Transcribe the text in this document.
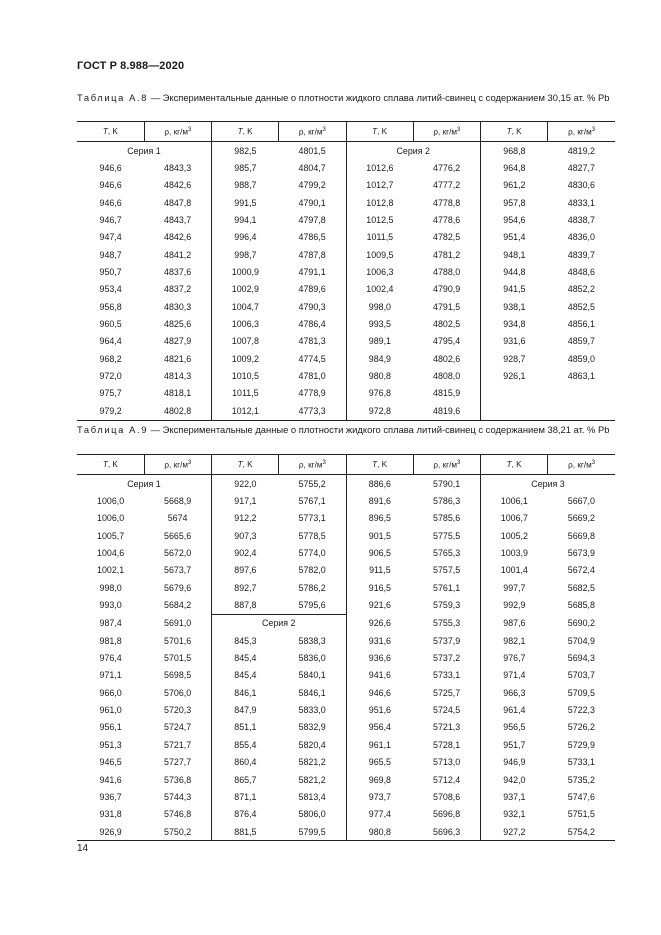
ГОСТ Р 8.988—2020
Таблица А.8 — Экспериментальные данные о плотности жидкого сплава литий-свинец с содержанием 30,15 ат. % Pb
T, K	ρ, $кг/м^3$	T, K	ρ, $кг/м^3$	T, K	ρ, $кг/м^3$	T, K	ρ, $кг/м^3$
Серия 1		982,5	4801,5	Серия 2		968,8	4819,2
946,6	4843,3	985,7	4804,7	1012,6	4776,2	964,8	4827,7
946,6	4842,6	988,7	4799,2	1012,7	4777,2	961,2	4830,6
946,6	4847,8	991,5	4790,1	1012,8	4778,8	957,8	4833,1
946,7	4843,7	994,1	4797,8	1012,5	4778,6	954,6	4838,7
947,4	4842,6	996,4	4786,5	1011,5	4782,5	951,4	4836,0
948,7	4841,2	998,7	4787,8	1009,5	4781,2	948,1	4839,7
950,7	4837,6	1000,9	4791,1	1006,3	4788,0	944,8	4848,6
953,4	4837,2	1002,9	4789,6	1002,4	4790,9	941,5	4852,2
956,8	4830,3	1004,7	4790,3	998,0	4791,5	938,1	4852,5
960,5	4825,6	1006,3	4786,4	993,5	4802,5	934,8	4856,1
964,4	4827,9	1007,8	4781,3	989,1	4795,4	931,6	4859,7
968,2	4821,6	1009,2	4774,5	984,9	4802,6	928,7	4859,0
972,0	4814,3	1010,5	4781,0	980,8	4808,0	926,1	4863,1
975,7	4818,1	1011,5	4778,9	976,8	4815,9		
979,2	4802,8	1012,1	4773,3	972,8	4819,6		
Таблица А.9 — Экспериментальные данные о плотности жидкого сплава литий-свинец с содержанием 38,21 ат. % Pb
T, K	ρ, $кг/м^3$	T, K	ρ, $кг/м^3$	T, K	ρ, $кг/м^3$	T, K	ρ, $кг/м^3$
Серия 1		922,0	5755,2	886,6	5790,1	Серия 3	
1006,0	5668,9	917,1	5767,1	891,6	5786,3	1006,1	5667,0
1006,0	5674	912,2	5773,1	896,5	5785,6	1006,7	5669,2
1005,7	5665,6	907,3	5778,5	901,5	5775,5	1005,2	5669,8
1004,6	5672,0	902,4	5774,0	906,5	5765,3	1003,9	5673,9
1002,1	5673,7	897,6	5782,0	911,5	5757,5	1001,4	5672,4
998,0	5679,6	892,7	5786,2	916,5	5761,1	997,7	5682,5
993,0	5684,2	887,8	5795,6	921,6	5759,3	992,9	5685,8
987,4	5691,0	Серия 2		926,6	5755,3	987,6	5690,2
981,8	5701,6	845,3	5838,3	931,6	5737,9	982,1	5704,9
976,4	5701,5	845,4	5836,0	936,6	5737,2	976,7	5694,3
971,1	5698,5	845,4	5840,1	941,6	5733,1	971,4	5703,7
966,0	5706,0	846,1	5846,1	946,6	5725,7	966,3	5709,5
961,0	5720,3	847,9	5833,0	951,6	5724,5	961,4	5722,3
956,1	5724,7	851,1	5832,9	956,4	5721,3	956,5	5726,2
951,3	5721,7	855,4	5820,4	961,1	5728,1	951,7	5729,9
946,5	5727,7	860,4	5821,2	965,5	5713,0	946,9	5733,1
941,6	5736,8	865,7	5821,2	969,8	5712,4	942,0	5735,2
936,7	5744,3	871,1	5813,4	973,7	5708,6	937,1	5747,6
931,8	5746,8	876,4	5806,0	977,4	5696,8	932,1	5751,5
926,9	5750,2	881,5	5799,5	980,8	5696,3	927,2	5754,2
14
